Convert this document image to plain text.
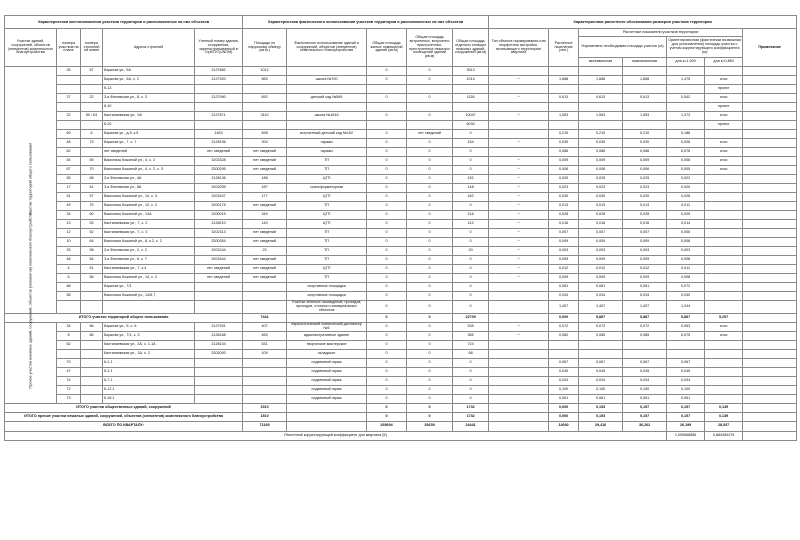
Характеристики местоположения участков территории и расположенных на них объектов					Характеристики фактического использования участков территории и расположенных на них объектов					Характеристики расчетного обоснования размеров участков территории						
Участки зданий, сооружений, объектов (элементов) комплексного благоустройства	номера участков на плане	номера строений на плане	Адреса строений	Учетный номер здания, сооружения, зарегистрированный в ГорБТИ (UNOM)	Площадь по наружному обмеру (кв.м.)	Фактическое использование зданий и сооружений, объектов (элементов) комплексного благоустройства	Общая площадь жилых помещений зданий (кв.м)	Общая площадь встроенных, встроенно пристроенных, пристроенных нежилых помещений зданий (кв.м)	Общая площадь отдельно стоящих нежилых зданий, сооружений (кв.м)	Тип объекта нормирования или морфотипа застройки, включающего территорию квартала	Расчетное население (чел.)	Расчетные показатели участков территории				Примечание
												Нормативно необходимая площадь участка (га)		Ориентировочная (фактически возможная для установления) площадь участка с учетом корректирующего коэффициента (га)		
												минимальная	максимальная	для к=1,000	для к=0,884	

Участки территорий общего пользования	26	67	Барклая ул., 5А	2127882	1012		0	0	3513							
			Барклая ул., 5А, с. 2	2127920	563	школа №700	0	0	1014	^	1,668	1,668	1,668	1,475	снос	
			К-13												проект	
	27	22	3-я Филевская ул., 8, с. 3	2127950	692	детский сад №569	0	0	1136	^	0,613	0,613	0,613	0,542	снос	
			К-10												проект	
	22	60 / 63	Кастанаевская ул., 9А	2127871	3110	школа №1816	0	0	10047	^	1,553	1,553	1,553	1,373	снос	
			К-20						6030						проект	
	69	6	Барклая ул., д.5, к.5	1453	698	встроенный детский сад №152	0	нет сведений	0		0,210	0,210	0,210	0,186		
	48	73	Барклая ул., 7, с. 7	2128196	204	гаражи	0	0	154	^	0,030	0,030	0,030	0,026	снос	
	62		нет сведений	нет сведений	нет сведений	гаражи	0	0	0		0,086	0,086	0,086	0,076	снос	
	54	69	Василисы Кожиной ул., 4, с. 2	3203328	нет сведений	ТП	0	0	0	^	0,009	0,009	0,009	0,008	снос	
	67	70	Василисы Кожиной ул., 4, с. 2, с. 3	3200295	нет сведений	ТП	0	0	0	^	0,006	0,006	0,006	0,005	снос	
	55	68	3-я Филевская ул., 4А	2128136	186	ЦТП	0	0	152	^	0,025	0,025	0,025	0,022		
	17	61	3-я Филевская ул., 8А	3202259	187	трансформаторная	0	0	148	^	0,023	0,023	0,023	0,020		
	51	57	Василисы Кожиной ул., 14, с. 3	3202447	177	ЦТП	0	0	162	^	0,030	0,030	0,030	0,026		
	49	75	Василисы Кожиной ул., 12, с. 2	3200175	нет сведений	ТП	0	0	0	^	0,013	0,013	0,013	0,011		
	34	60	Василисы Кожиной ул., 14А	3200015	349	ЦТП	0	0	216	^	0,028	0,028	0,028	0,025		
	13	53	Кастанаевская ул., 7, с. 2	2128210	140	ЦТП	0	0	113	^	0,016	0,016	0,016	0,014		
	12	52	Кастанаевская ул., 7, с. 3	3202313	нет сведений	ТП	0	0	0	^	0,007	0,007	0,007	0,006		
	10	64	Василисы Кожиной ул., 8, к.2, с. 2	3200354	нет сведений	ТП	0	0	0	^	0,009	0,009	0,009	0,008		
	33	58	3-я Филевская ул., 2, с. 2	3202244	23	ТП	0	0	20	^	0,003	0,003	0,003	0,003		
	46	54	3-я Филевская ул., 6, с. 7	3202444	нет сведений	ТП	0	0	0	^	0,009	0,009	0,009	0,008		
	4	51	Кастанаевская ул., 7, с.4	нет сведений	нет сведений	ЦТП	0	0	0	^	0,012	0,012	0,012	0,011		
	6	56	Василисы Кожиной ул., 14, с. 2	нет сведений	нет сведений	ТП	0	0	0	^	0,009	0,009	0,009	0,008		
	68		Барклая ул., 7/1			спортивные площадки	0	0	0		0,081	0,081	0,081	0,072		
	58		Василисы Кожиной ул., 14/6,7			спортивные площадки	0	0	0		0,034	0,034	0,034	0,030		
						Участки зеленых насаждений, проездов, проходов, стоянок и коммунальных объектов	0	0	0		1,407	1,407	1,407	1,244		
ИТОГО участки территорий общего пользования					7441		0	0	22709		0,000	5,887	5,887	5,887	5,257	

Прочие участки нежилых зданий, сооружений, объектов (элементов) комплексного благоустройства	34	66	Барклая ул., 5, с. 6	2127931	407	наркологический клинический диспансер №5	0	0	535	^	0,072	0,072	0,072	0,063	снос	
	8	65	Барклая ул., 7/1, с. 3	2128168	463	административное здание	0	0	385	^	0,082	0,085	0,085	0,075	снос	
	62		Кастанаевская ул., 3А, с. 1-1А	2128104	531	творческие мастерские	0	0	724							
			Кастанаевская ул., 3А, с. 2	3202093	109	складское	0	0	88							
	70		К-1.1			подземный гараж	0	0	0		0,067	0,067	0,067	0,067		
	47		К-2.1			подземный гараж	0	0	0		0,045	0,045	0,045	0,045		
	74		К-7.1			подземный гараж	0	0	0		0,034	0,034	0,034	0,034		
	72		К-12.1			подземный гараж	0	0	0		0,100	0,100	0,100	0,100		
	73		К-16.1			подземный гараж	0	0	0		0,061	0,061	0,061	0,061		
ИТОГО участки общественных зданий, сооружений					1510		0	0	1732		0,000	0,153	0,157	0,157	0,139	
ИТОГО прочие участки нежилых зданий, сооружений, объектов (элементов) комплексного благоустройства					1510		0	0	1732		0,000	0,153	0,157	0,157	0,139	
ВСЕГО ПО КВАРТАЛУ:					71169		269694	39239	24441		14092	29,416	36,202	26,199	28,937	
Расчетный корректирующий коэффициент для квартала (К)														1,090668856	0,884383475	
